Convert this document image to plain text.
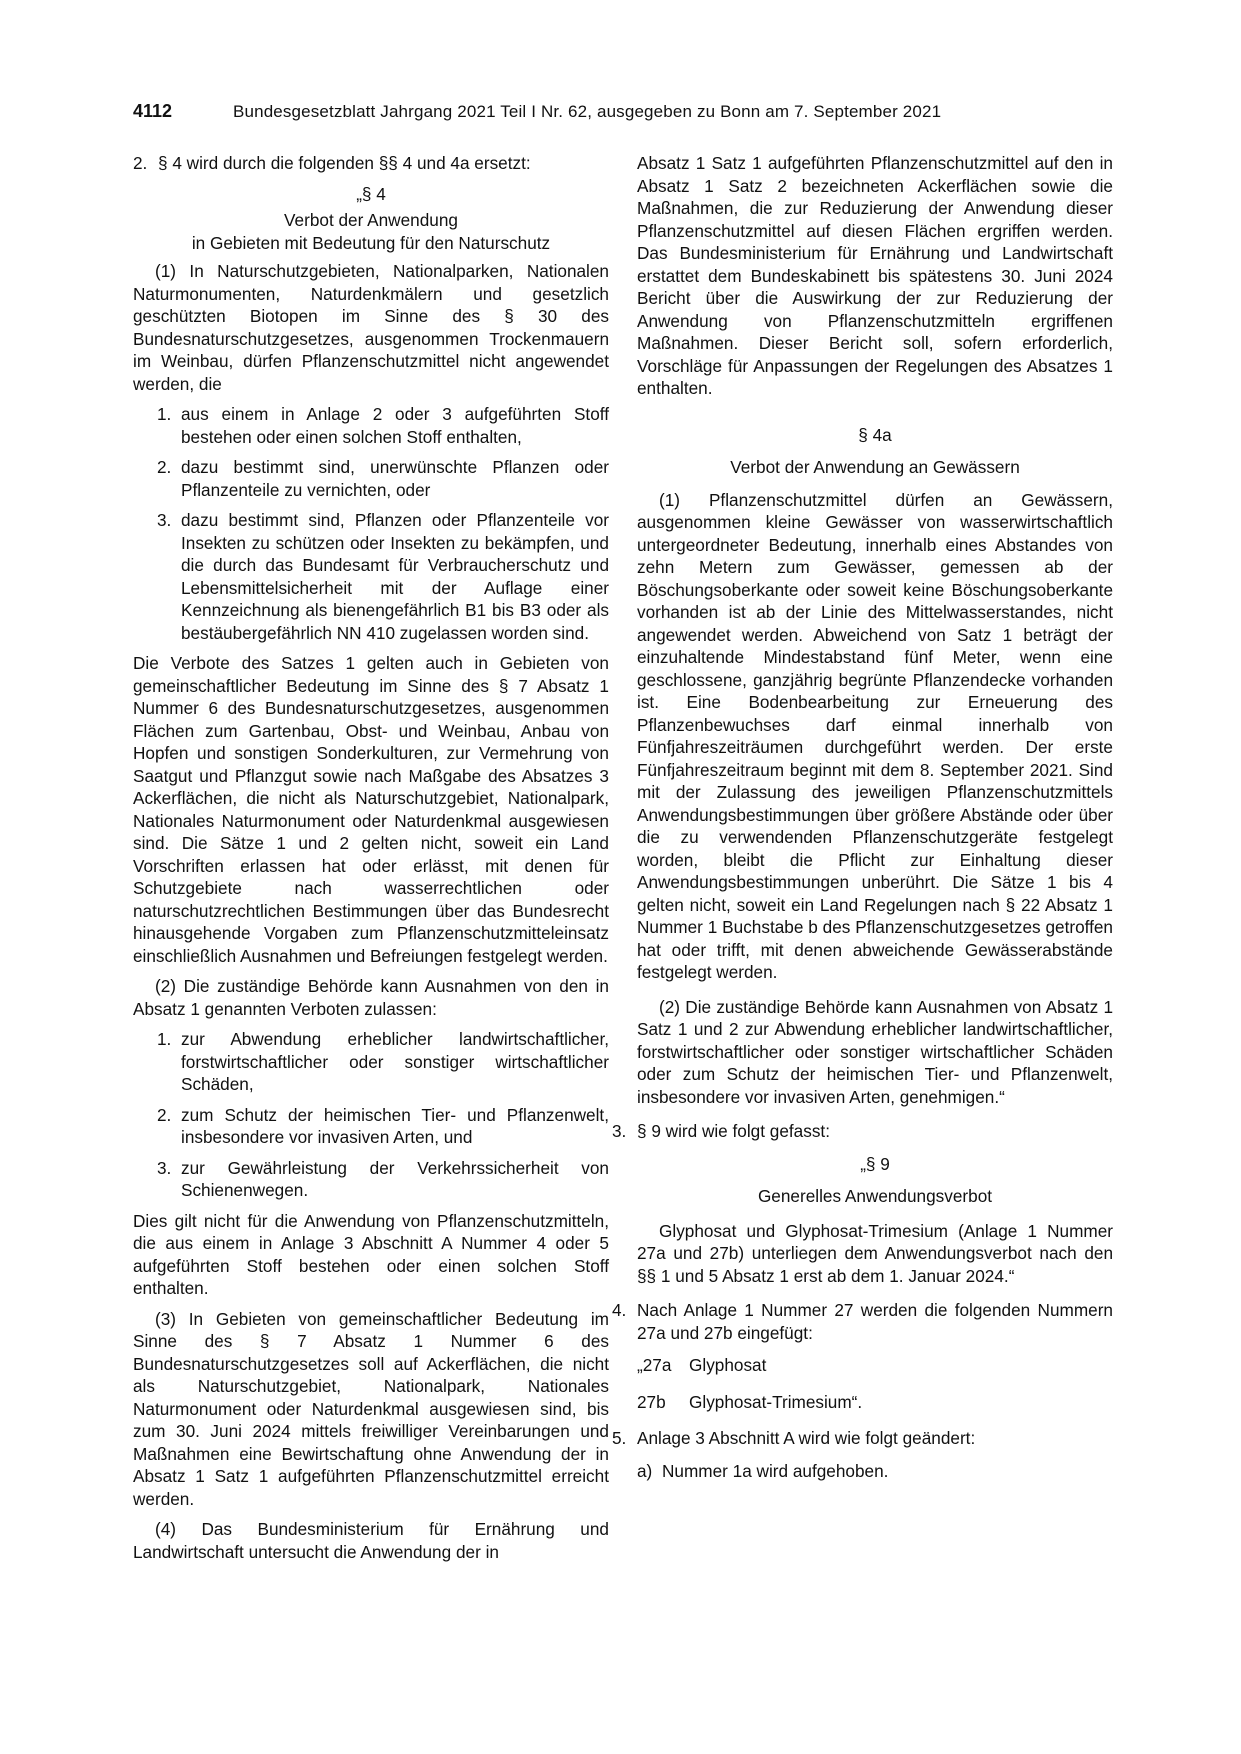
4112	Bundesgesetzblatt Jahrgang 2021 Teil I Nr. 62, ausgegeben zu Bonn am 7. September 2021
2. § 4 wird durch die folgenden §§ 4 und 4a ersetzt:

„§ 4

Verbot der Anwendung

in Gebieten mit Bedeutung für den Naturschutz

(1) In Naturschutzgebieten, Nationalparken, Nationalen Naturmonumenten, Naturdenkmälern und gesetzlich geschützten Biotopen im Sinne des § 30 des Bundesnaturschutzgesetzes, ausgenommen Trockenmauern im Weinbau, dürfen Pflanzenschutzmittel nicht angewendet werden, die

1. aus einem in Anlage 2 oder 3 aufgeführten Stoff bestehen oder einen solchen Stoff enthalten,
2. dazu bestimmt sind, unerwünschte Pflanzen oder Pflanzenteile zu vernichten, oder
3. dazu bestimmt sind, Pflanzen oder Pflanzenteile vor Insekten zu schützen oder Insekten zu bekämpfen, und die durch das Bundesamt für Verbraucherschutz und Lebensmittelsicherheit mit der Auflage einer Kennzeichnung als bienengefährlich B1 bis B3 oder als bestäubergefährlich NN 410 zugelassen worden sind.

Die Verbote des Satzes 1 gelten auch in Gebieten von gemeinschaftlicher Bedeutung im Sinne des § 7 Absatz 1 Nummer 6 des Bundesnaturschutzgesetzes, ausgenommen Flächen zum Gartenbau, Obst- und Weinbau, Anbau von Hopfen und sonstigen Sonderkulturen, zur Vermehrung von Saatgut und Pflanzgut sowie nach Maßgabe des Absatzes 3 Ackerflächen, die nicht als Naturschutzgebiet, Nationalpark, Nationales Naturmonument oder Naturdenkmal ausgewiesen sind. Die Sätze 1 und 2 gelten nicht, soweit ein Land Vorschriften erlassen hat oder erlässt, mit denen für Schutzgebiete nach wasserrechtlichen oder naturschutzrechtlichen Bestimmungen über das Bundesrecht hinausgehende Vorgaben zum Pflanzenschutzmitteleinsatz einschließlich Ausnahmen und Befreiungen festgelegt werden.

(2) Die zuständige Behörde kann Ausnahmen von den in Absatz 1 genannten Verboten zulassen:

1. zur Abwendung erheblicher landwirtschaftlicher, forstwirtschaftlicher oder sonstiger wirtschaftlicher Schäden,
2. zum Schutz der heimischen Tier- und Pflanzenwelt, insbesondere vor invasiven Arten, und
3. zur Gewährleistung der Verkehrssicherheit von Schienenwegen.

Dies gilt nicht für die Anwendung von Pflanzenschutzmitteln, die aus einem in Anlage 3 Abschnitt A Nummer 4 oder 5 aufgeführten Stoff bestehen oder einen solchen Stoff enthalten.

(3) In Gebieten von gemeinschaftlicher Bedeutung im Sinne des § 7 Absatz 1 Nummer 6 des Bundesnaturschutzgesetzes soll auf Ackerflächen, die nicht als Naturschutzgebiet, Nationalpark, Nationales Naturmonument oder Naturdenkmal ausgewiesen sind, bis zum 30. Juni 2024 mittels freiwilliger Vereinbarungen und Maßnahmen eine Bewirtschaftung ohne Anwendung der in Absatz 1 Satz 1 aufgeführten Pflanzenschutzmittel erreicht werden.

(4) Das Bundesministerium für Ernährung und Landwirtschaft untersucht die Anwendung der in

Absatz 1 Satz 1 aufgeführten Pflanzenschutzmittel auf den in Absatz 1 Satz 2 bezeichneten Ackerflächen sowie die Maßnahmen, die zur Reduzierung der Anwendung dieser Pflanzenschutzmittel auf diesen Flächen ergriffen werden. Das Bundesministerium für Ernährung und Landwirtschaft erstattet dem Bundeskabinett bis spätestens 30. Juni 2024 Bericht über die Auswirkung der zur Reduzierung der Anwendung von Pflanzenschutzmitteln ergriffenen Maßnahmen. Dieser Bericht soll, sofern erforderlich, Vorschläge für Anpassungen der Regelungen des Absatzes 1 enthalten.

§ 4a

Verbot der Anwendung an Gewässern

(1) Pflanzenschutzmittel dürfen an Gewässern, ausgenommen kleine Gewässer von wasserwirtschaftlich untergeordneter Bedeutung, innerhalb eines Abstandes von zehn Metern zum Gewässer, gemessen ab der Böschungsoberkante oder soweit keine Böschungsoberkante vorhanden ist ab der Linie des Mittelwasserstandes, nicht angewendet werden. Abweichend von Satz 1 beträgt der einzuhaltende Mindestabstand fünf Meter, wenn eine geschlossene, ganzjährig begrünte Pflanzendecke vorhanden ist. Eine Bodenbearbeitung zur Erneuerung des Pflanzenbewuchses darf einmal innerhalb von Fünfjahreszeiträumen durchgeführt werden. Der erste Fünfjahreszeitraum beginnt mit dem 8. September 2021. Sind mit der Zulassung des jeweiligen Pflanzenschutzmittels Anwendungsbestimmungen über größere Abstände oder über die zu verwendenden Pflanzenschutzgeräte festgelegt worden, bleibt die Pflicht zur Einhaltung dieser Anwendungsbestimmungen unberührt. Die Sätze 1 bis 4 gelten nicht, soweit ein Land Regelungen nach § 22 Absatz 1 Nummer 1 Buchstabe b des Pflanzenschutzgesetzes getroffen hat oder trifft, mit denen abweichende Gewässerabstände festgelegt werden.

(2) Die zuständige Behörde kann Ausnahmen von Absatz 1 Satz 1 und 2 zur Abwendung erheblicher landwirtschaftlicher, forstwirtschaftlicher oder sonstiger wirtschaftlicher Schäden oder zum Schutz der heimischen Tier- und Pflanzenwelt, insbesondere vor invasiven Arten, genehmigen.“

3. § 9 wird wie folgt gefasst:

„§ 9

Generelles Anwendungsverbot

Glyphosat und Glyphosat-Trimesium (Anlage 1 Nummer 27a und 27b) unterliegen dem Anwendungsverbot nach den §§ 1 und 5 Absatz 1 erst ab dem 1. Januar 2024.“

4. Nach Anlage 1 Nummer 27 werden die folgenden Nummern 27a und 27b eingefügt:
„27a	Glyphosat
27b	Glyphosat-Trimesium“.
5. Anlage 3 Abschnitt A wird wie folgt geändert:
a) Nummer 1a wird aufgehoben.
